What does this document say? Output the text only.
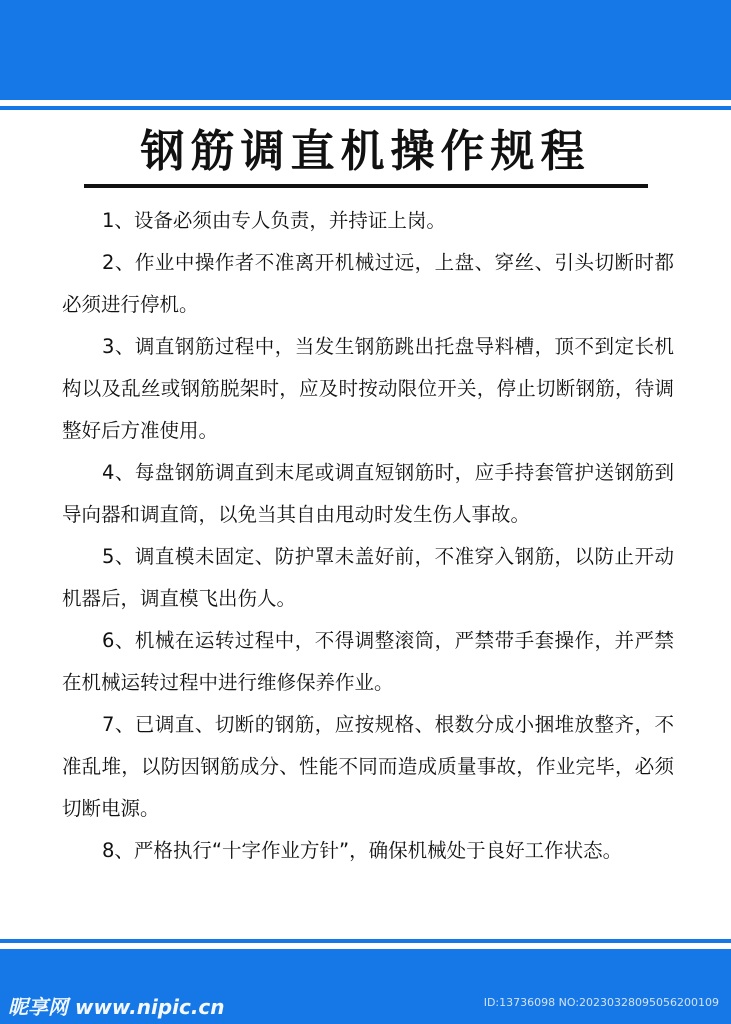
钢筋调直机操作规程

1、设备必须由专人负责，并持证上岗。

2、作业中操作者不准离开机械过远，上盘、穿丝、引头切断时都必须进行停机。

3、调直钢筋过程中，当发生钢筋跳出托盘导料槽，顶不到定长机构以及乱丝或钢筋脱架时，应及时按动限位开关，停止切断钢筋，待调整好后方准使用。

4、每盘钢筋调直到末尾或调直短钢筋时，应手持套管护送钢筋到导向器和调直筒，以免当其自由甩动时发生伤人事故。

5、调直模未固定、防护罩未盖好前，不准穿入钢筋，以防止开动机器后，调直模飞出伤人。

6、机械在运转过程中，不得调整滚筒，严禁带手套操作，并严禁在机械运转过程中进行维修保养作业。

7、已调直、切断的钢筋，应按规格、根数分成小捆堆放整齐，不准乱堆，以防因钢筋成分、性能不同而造成质量事故，作业完毕，必须切断电源。

8、严格执行“十字作业方针”，确保机械处于良好工作状态。

昵享网 www.nipic.cn	ID:13736098 NO:20230328095056200109
